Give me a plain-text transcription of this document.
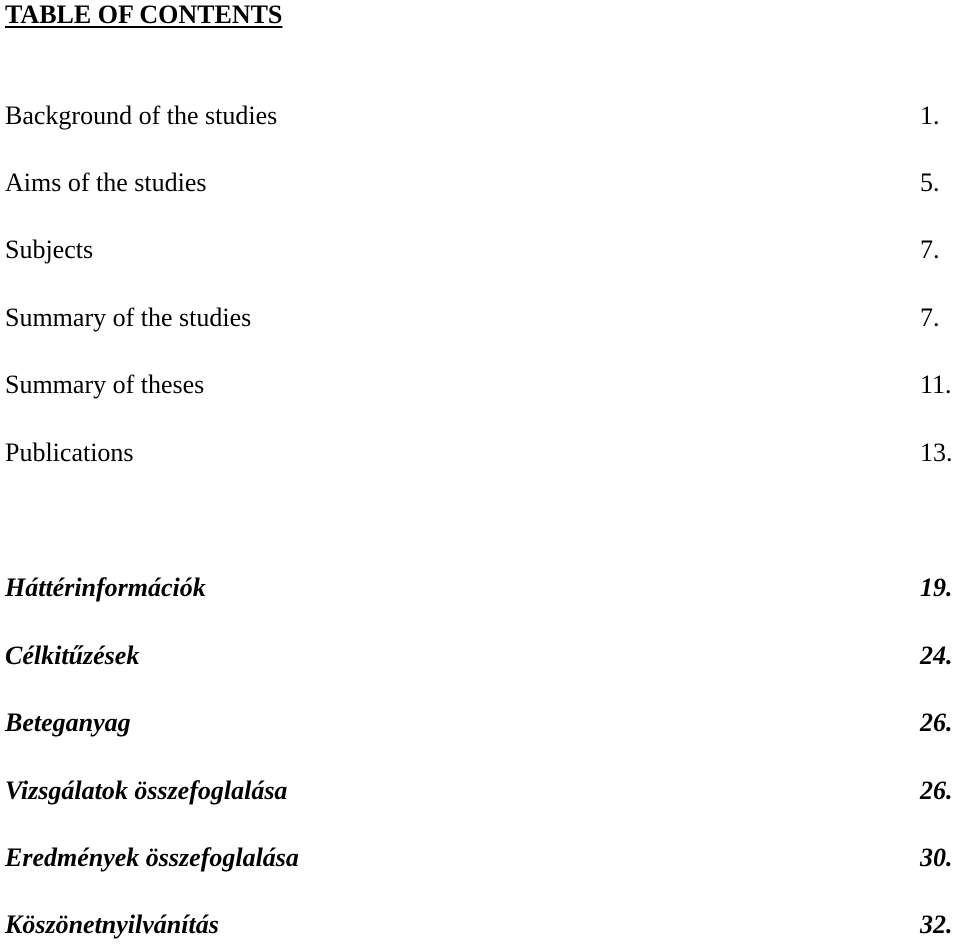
TABLE OF CONTENTS
Background of the studies	1.
Aims of the studies	5.
Subjects	7.
Summary of the studies	7.
Summary of theses	11.
Publications	13.
Háttérinformációk	19.
Célkitűzések	24.
Beteganyag	26.
Vizsgálatok összefoglalása	26.
Eredmények összefoglalása	30.
Köszönetnyilvánítás	32.
